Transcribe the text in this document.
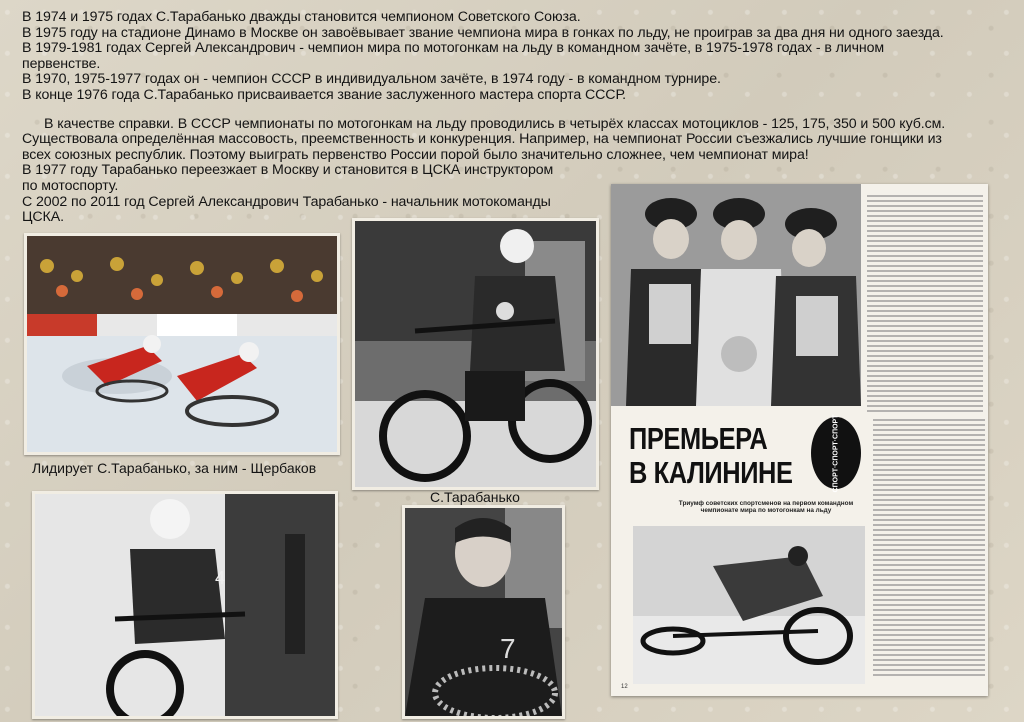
В 1974 и 1975 годах С.Тарабанько дважды становится чемпионом Советского Союза.

В 1975 году на стадионе Динамо в Москве он завоёвывает звание чемпиона мира в гонках по льду, не проиграв за два дня ни одного заезда.

В 1979-1981 годах Сергей Александрович - чемпион мира по мотогонкам на льду в командном зачёте, в 1975-1978 годах - в личном

первенстве.

В 1970, 1975-1977 годах он - чемпион СССР в индивидуальном зачёте, в 1974 году - в командном турнире.

В конце 1976 года С.Тарабанько присваивается звание заслуженного мастера спорта СССР.

В качестве справки. В СССР чемпионаты по мотогонкам на льду проводились в четырёх классах мотоциклов - 125, 175, 350 и 500 куб.см.

Существовала определённая массовость, преемственность и конкуренция. Например, на чемпионат России съезжались лучшие гонщики из

всех союзных республик. Поэтому выиграть первенство России порой было значительно сложнее, чем чемпионат мира!

В 1977 году Тарабанько переезжает в Москву и становится в ЦСКА инструктором

по мотоспорту.

С 2002 по 2011 год Сергей Александрович Тарабанько - начальник мотокоманды

ЦСКА.

Лидирует С.Тарабанько, за ним - Щербаков
С.Тарабанько
4
7
ПРЕМЬЕРА
В КАЛИНИНЕ	СПОРТ·СПОРТ·СПОРТ
Триумф советских спортсменов на первом командном чемпионате мира по мотогонкам на льду
12
